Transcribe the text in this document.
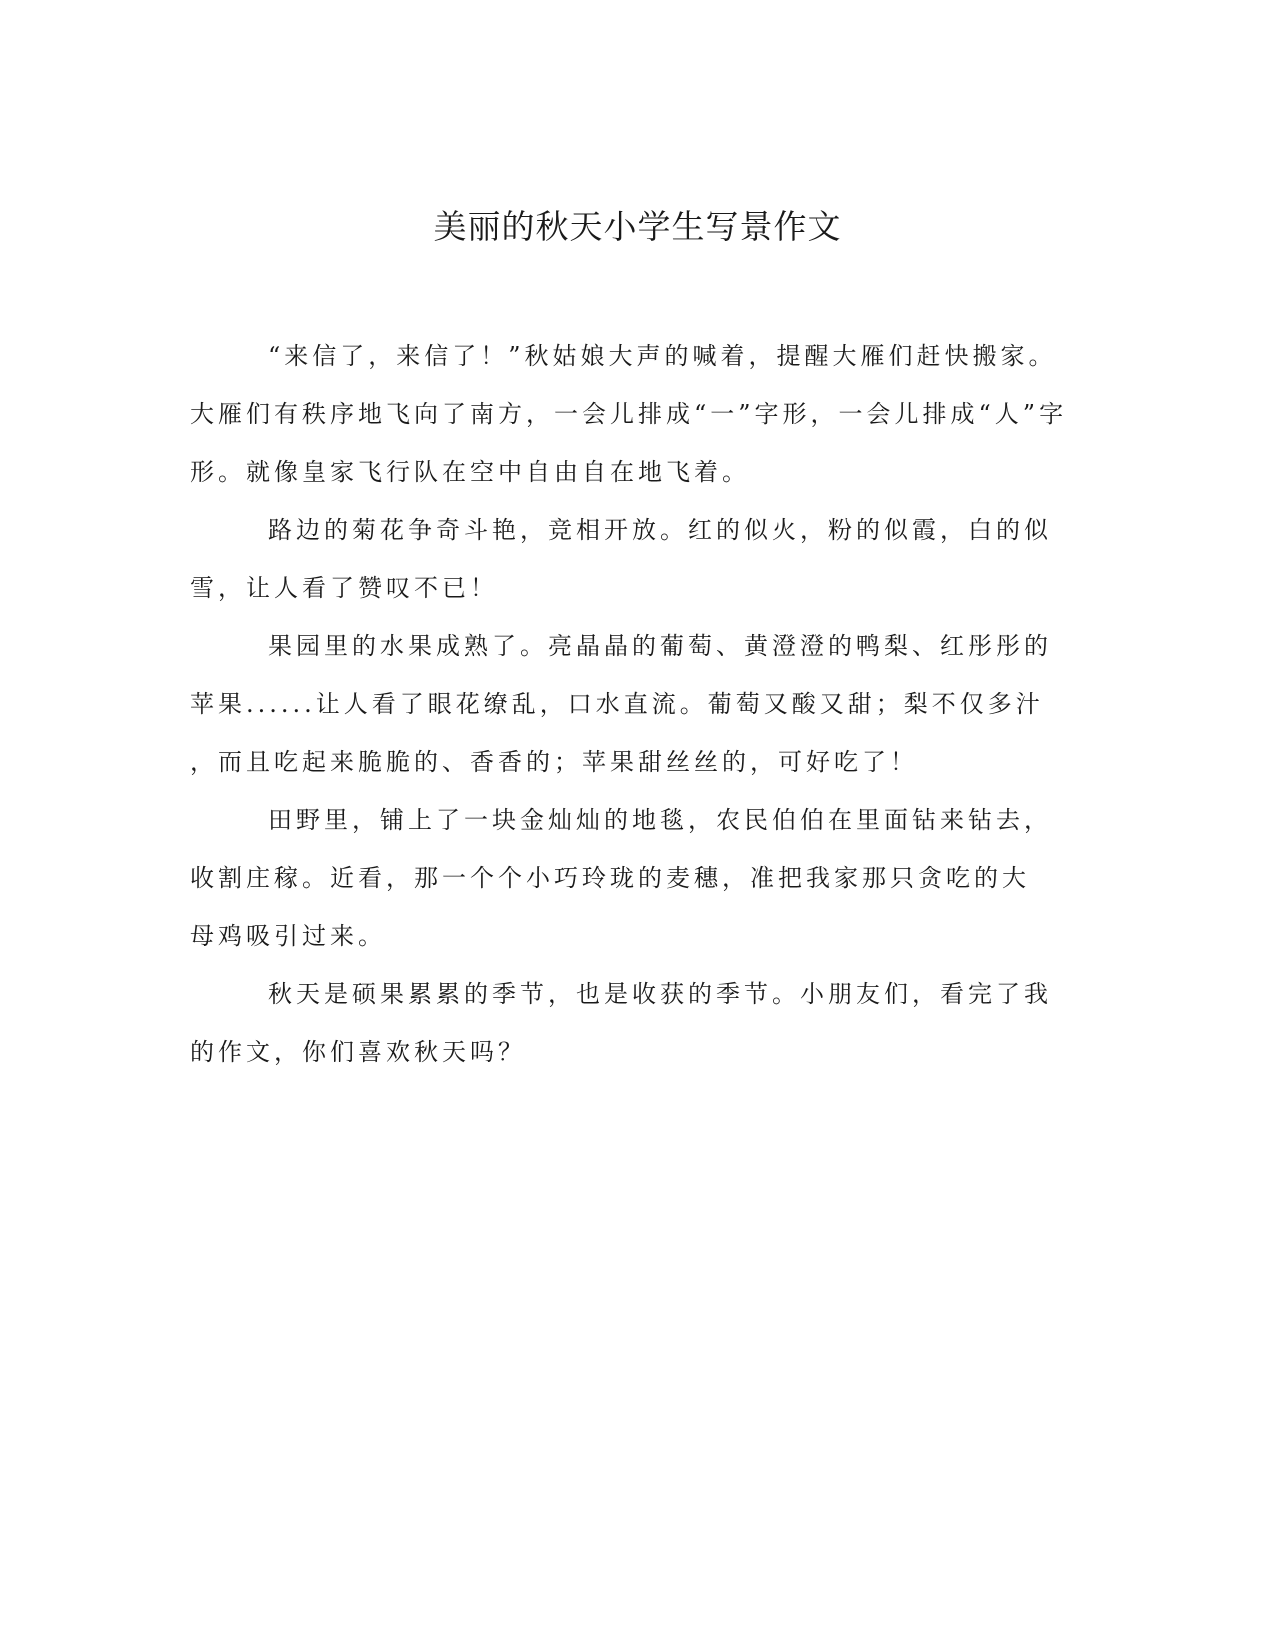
美丽的秋天小学生写景作文

“来信了，来信了！”秋姑娘大声的喊着，提醒大雁们赶快搬家。
大雁们有秩序地飞向了南方，一会儿排成“一”字形，一会儿排成“人”字
形。就像皇家飞行队在空中自由自在地飞着。

路边的菊花争奇斗艳，竞相开放。红的似火，粉的似霞，白的似
雪，让人看了赞叹不已！

果园里的水果成熟了。亮晶晶的葡萄、黄澄澄的鸭梨、红彤彤的
苹果......让人看了眼花缭乱，口水直流。葡萄又酸又甜；梨不仅多汁
，而且吃起来脆脆的、香香的；苹果甜丝丝的，可好吃了！

田野里，铺上了一块金灿灿的地毯，农民伯伯在里面钻来钻去，
收割庄稼。近看，那一个个小巧玲珑的麦穗，准把我家那只贪吃的大
母鸡吸引过来。

秋天是硕果累累的季节，也是收获的季节。小朋友们，看完了我
的作文，你们喜欢秋天吗？
